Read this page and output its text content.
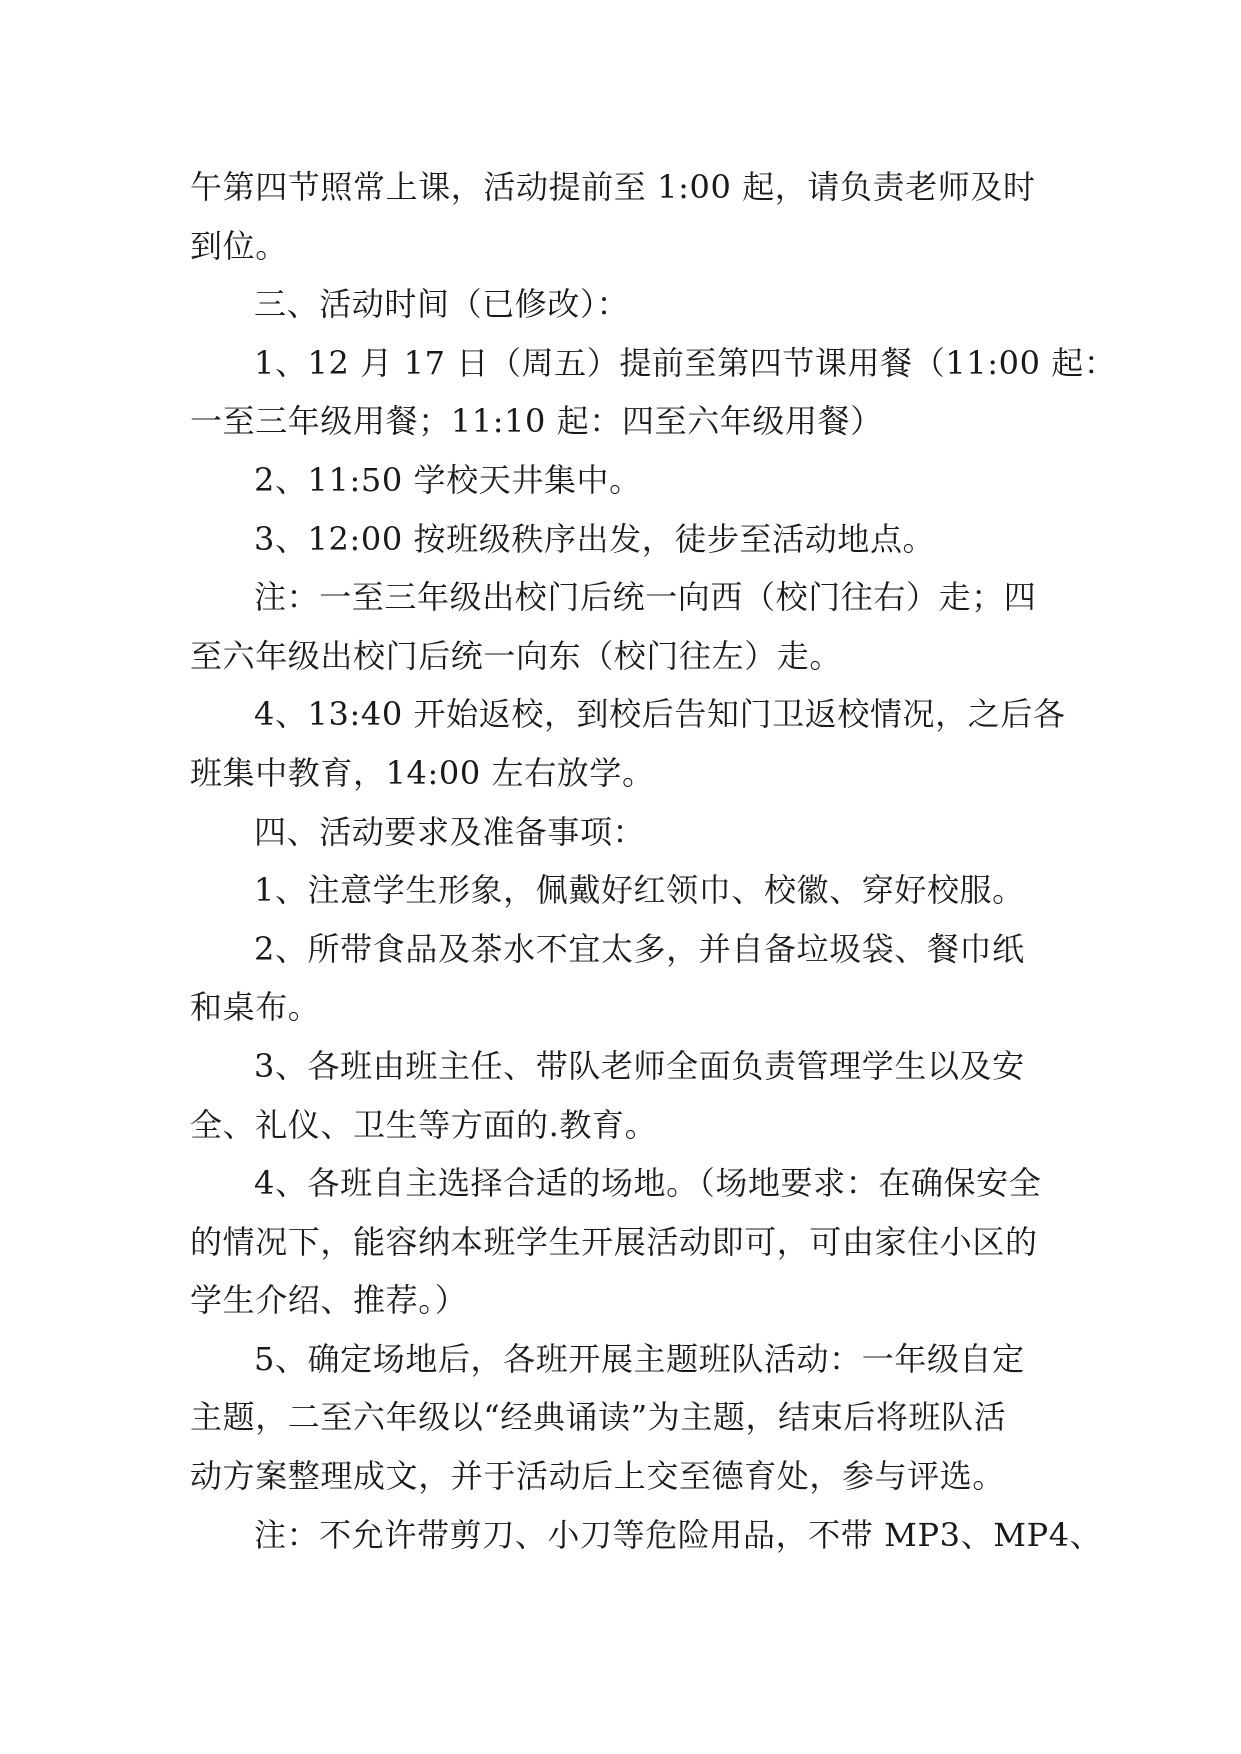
午第四节照常上课，活动提前至 1:00 起，请负责老师及时
到位。
三、活动时间（已修改）：
1、12 月 17 日（周五）提前至第四节课用餐（11:00 起：
一至三年级用餐；11:10 起：四至六年级用餐）
2、11:50 学校天井集中。
3、12:00 按班级秩序出发，徒步至活动地点。
注：一至三年级出校门后统一向西（校门往右）走；四
至六年级出校门后统一向东（校门往左）走。
4、13:40 开始返校，到校后告知门卫返校情况，之后各
班集中教育，14:00 左右放学。
四、活动要求及准备事项：
1、注意学生形象，佩戴好红领巾、校徽、穿好校服。
2、所带食品及茶水不宜太多，并自备垃圾袋、餐巾纸
和桌布。
3、各班由班主任、带队老师全面负责管理学生以及安
全、礼仪、卫生等方面的.教育。
4、各班自主选择合适的场地。（场地要求：在确保安全
的情况下，能容纳本班学生开展活动即可，可由家住小区的
学生介绍、推荐。）
5、确定场地后，各班开展主题班队活动：一年级自定
主题，二至六年级以“经典诵读”为主题，结束后将班队活
动方案整理成文，并于活动后上交至德育处，参与评选。
注：不允许带剪刀、小刀等危险用品，不带 MP3、MP4、
